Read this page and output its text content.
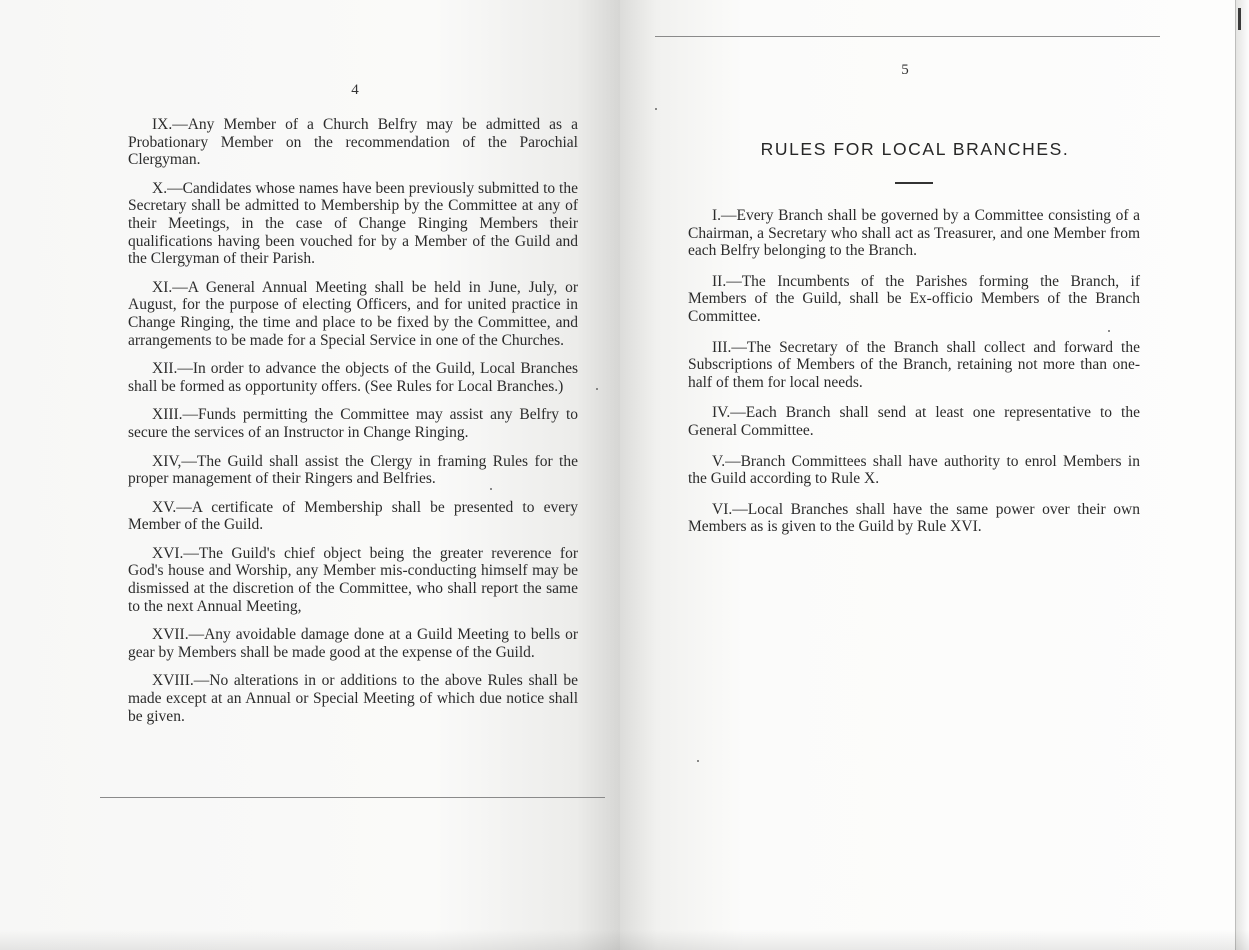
4

IX.—Any Member of a Church Belfry may be admitted as a Probationary Member on the recommendation of the Parochial Clergyman.

X.—Candidates whose names have been previously submitted to the Secretary shall be admitted to Membership by the Committee at any of their Meetings, in the case of Change Ringing Members their qualifications having been vouched for by a Member of the Guild and the Clergyman of their Parish.

XI.—A General Annual Meeting shall be held in June, July, or August, for the purpose of electing Officers, and for united practice in Change Ringing, the time and place to be fixed by the Committee, and arrangements to be made for a Special Service in one of the Churches.

XII.—In order to advance the objects of the Guild, Local Branches shall be formed as opportunity offers. (See Rules for Local Branches.)

XIII.—Funds permitting the Committee may assist any Belfry to secure the services of an Instructor in Change Ringing.

XIV,—The Guild shall assist the Clergy in framing Rules for the proper management of their Ringers and Belfries.

XV.—A certificate of Membership shall be presented to every Member of the Guild.

XVI.—The Guild's chief object being the greater reverence for God's house and Worship, any Member mis-conducting himself may be dismissed at the discretion of the Committee, who shall report the same to the next Annual Meeting,

XVII.—Any avoidable damage done at a Guild Meeting to bells or gear by Members shall be made good at the expense of the Guild.

XVIII.—No alterations in or additions to the above Rules shall be made except at an Annual or Special Meeting of which due notice shall be given.

5
RULES FOR LOCAL BRANCHES.

I.—Every Branch shall be governed by a Committee consisting of a Chairman, a Secretary who shall act as Treasurer, and one Member from each Belfry belonging to the Branch.

II.—The Incumbents of the Parishes forming the Branch, if Members of the Guild, shall be Ex-officio Members of the Branch Committee.

III.—The Secretary of the Branch shall collect and forward the Subscriptions of Members of the Branch, retaining not more than one-half of them for local needs.

IV.—Each Branch shall send at least one representative to the General Committee.

V.—Branch Committees shall have authority to enrol Members in the Guild according to Rule X.

VI.—Local Branches shall have the same power over their own Members as is given to the Guild by Rule XVI.
